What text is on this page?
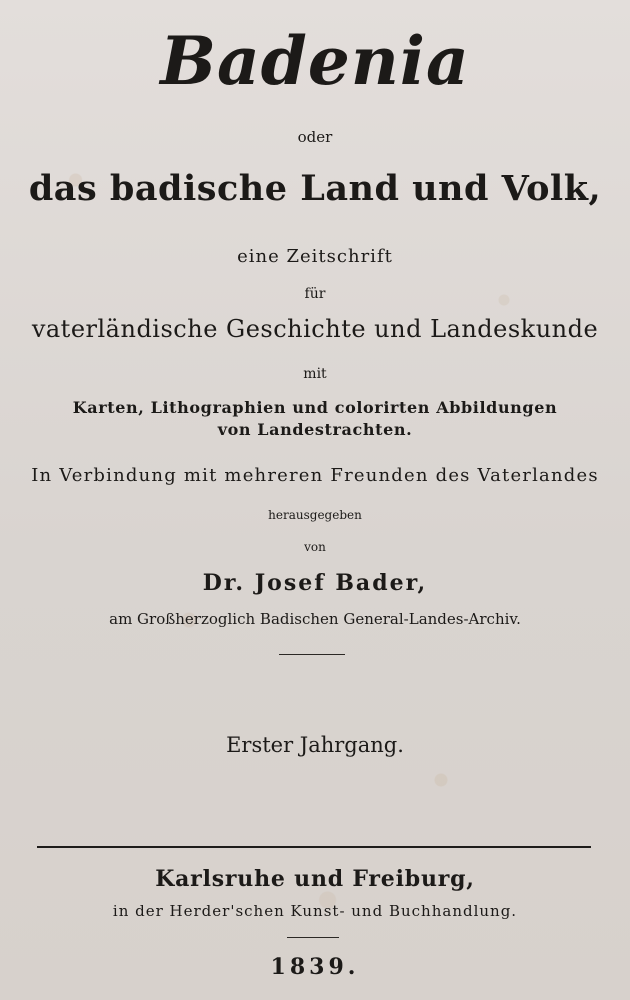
Badenia
oder
das badische Land und Volk,
eine Zeitschrift
für
vaterländische Geschichte und Landeskunde
mit
Karten, Lithographien und colorirten Abbildungen
von Landestrachten.
In Verbindung mit mehreren Freunden des Vaterlandes
herausgegeben
von
Dr. Josef Bader,
am Großherzoglich Badischen General-Landes-Archiv.
Erster Jahrgang.
Karlsruhe und Freiburg,
in der Herder'schen Kunst- und Buchhandlung.
1839.
